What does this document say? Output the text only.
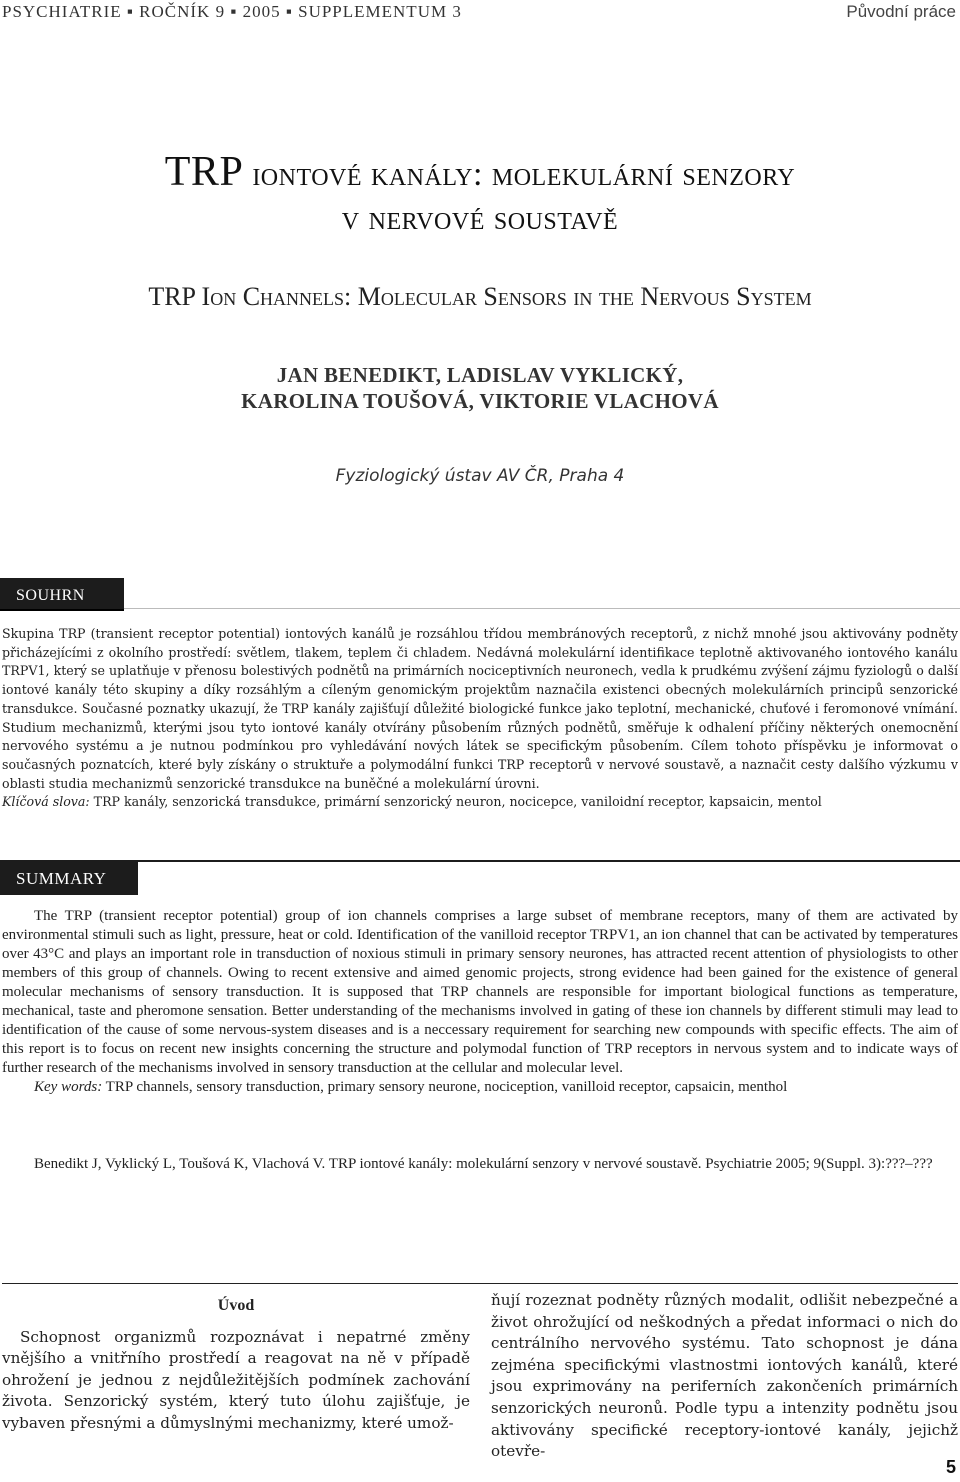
PSYCHIATRIE ▪ ROČNÍK 9 ▪ 2005 ▪ SUPPLEMENTUM 3	Původní práce
TRP iontové kanály: molekulární senzory
v nervové soustavě
TRP Ion Channels: Molecular Sensors in the Nervous System
JAN BENEDIKT, LADISLAV VYKLICKÝ,
KAROLINA TOUŠOVÁ, VIKTORIE VLACHOVÁ
Fyziologický ústav AV ČR, Praha 4
SOUHRN
Skupina TRP (transient receptor potential) iontových kanálů je rozsáhlou třídou membránových receptorů, z nichž mnohé jsou aktivovány podněty přicházejícími z okolního prostředí: světlem, tlakem, teplem či chladem. Nedávná molekulární identifikace teplotně aktivovaného iontového kanálu TRPV1, který se uplatňuje v přenosu bolestivých podnětů na primárních nociceptivních neuronech, vedla k prudkému zvýšení zájmu fyziologů o další iontové kanály této skupiny a díky rozsáhlým a cíleným genomickým projektům naznačila existenci obecných molekulárních principů senzorické transdukce. Současné poznatky ukazují, že TRP kanály zajišťují důležité biologické funkce jako teplotní, mechanické, chuťové i feromonové vnímání. Studium mechanizmů, kterými jsou tyto iontové kanály otvírány působením různých podnětů, směřuje k odhalení příčiny některých onemocnění nervového systému a je nutnou podmínkou pro vyhledávání nových látek se specifickým působením. Cílem tohoto příspěvku je informovat o současných poznatcích, které byly získány o struktuře a polymodální funkci TRP receptorů v nervové soustavě, a naznačit cesty dalšího výzkumu v oblasti studia mechanizmů senzorické transdukce na buněčné a molekulární úrovni.
Klíčová slova: TRP kanály, senzorická transdukce, primární senzorický neuron, nocicepce, vaniloidní receptor, kapsaicin, mentol
SUMMARY
The TRP (transient receptor potential) group of ion channels comprises a large subset of membrane receptors, many of them are activated by environmental stimuli such as light, pressure, heat or cold. Identification of the vanilloid receptor TRPV1, an ion channel that can be activated by temperatures over 43°C and plays an important role in transduction of noxious stimuli in primary sensory neurones, has attracted recent attention of physiologists to other members of this group of channels. Owing to recent extensive and aimed genomic projects, strong evidence had been gained for the existence of general molecular mechanisms of sensory transduction. It is supposed that TRP channels are responsible for important biological functions as temperature, mechanical, taste and pheromone sensation. Better understanding of the mechanisms involved in gating of these ion channels by different stimuli may lead to identification of the cause of some nervous-system diseases and is a neccessary requirement for searching new compounds with specific effects. The aim of this report is to focus on recent new insights concerning the structure and polymodal function of TRP receptors in nervous system and to indicate ways of further research of the mechanisms involved in sensory transduction at the cellular and molecular level.
Key words: TRP channels, sensory transduction, primary sensory neurone, nociception, vanilloid receptor, capsaicin, menthol
Benedikt J, Vyklický L, Toušová K, Vlachová V. TRP iontové kanály: molekulární senzory v nervové soustavě. Psychiatrie 2005; 9(Suppl. 3):???–???
Úvod

Schopnost organizmů rozpoznávat i nepatrné změny vnějšího a vnitřního prostředí a reagovat na ně v případě ohrožení je jednou z nejdůležitějších podmínek zachování života. Senzorický systém, který tuto úlohu zajišťuje, je vybaven přesnými a důmyslnými mechanizmy, které umož-

ňují rozeznat podněty různých modalit, odlišit nebezpečné a život ohrožující od neškodných a předat informaci o nich do centrálního nervového systému. Tato schopnost je dána zejména specifickými vlastnostmi iontových kanálů, které jsou exprimovány na periferních zakončeních primárních senzorických neuronů. Podle typu a intenzity podnětu jsou aktivovány specifické receptory-iontové kanály, jejichž otevře-
5
